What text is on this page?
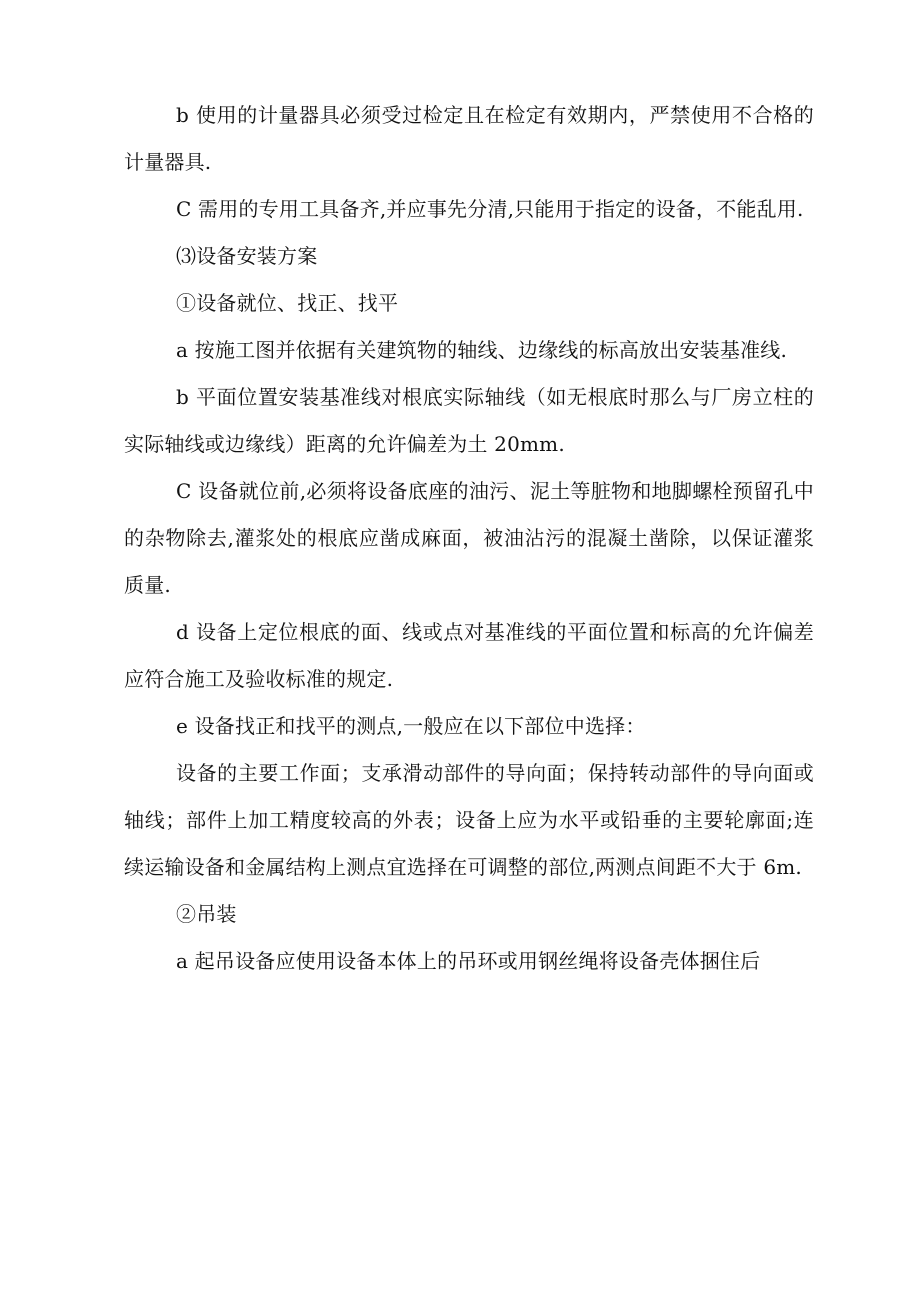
b 使用的计量器具必须受过检定且在检定有效期内，严禁使用不合格的计量器具.

C 需用的专用工具备齐,并应事先分清,只能用于指定的设备，不能乱用.

⑶设备安装方案

①设备就位、找正、找平

a 按施工图并依据有关建筑物的轴线、边缘线的标高放出安装基准线.

b 平面位置安装基准线对根底实际轴线（如无根底时那么与厂房立柱的实际轴线或边缘线）距离的允许偏差为土 20mm.

C 设备就位前,必须将设备底座的油污、泥土等脏物和地脚螺栓预留孔中的杂物除去,灌浆处的根底应凿成麻面，被油沾污的混凝土凿除，以保证灌浆质量.

d 设备上定位根底的面、线或点对基准线的平面位置和标高的允许偏差应符合施工及验收标准的规定.

e 设备找正和找平的测点,一般应在以下部位中选择：

设备的主要工作面；支承滑动部件的导向面；保持转动部件的导向面或轴线；部件上加工精度较高的外表；设备上应为水平或铅垂的主要轮廓面;连续运输设备和金属结构上测点宜选择在可调整的部位,两测点间距不大于 6m.

②吊装

a 起吊设备应使用设备本体上的吊环或用钢丝绳将设备壳体捆住后
